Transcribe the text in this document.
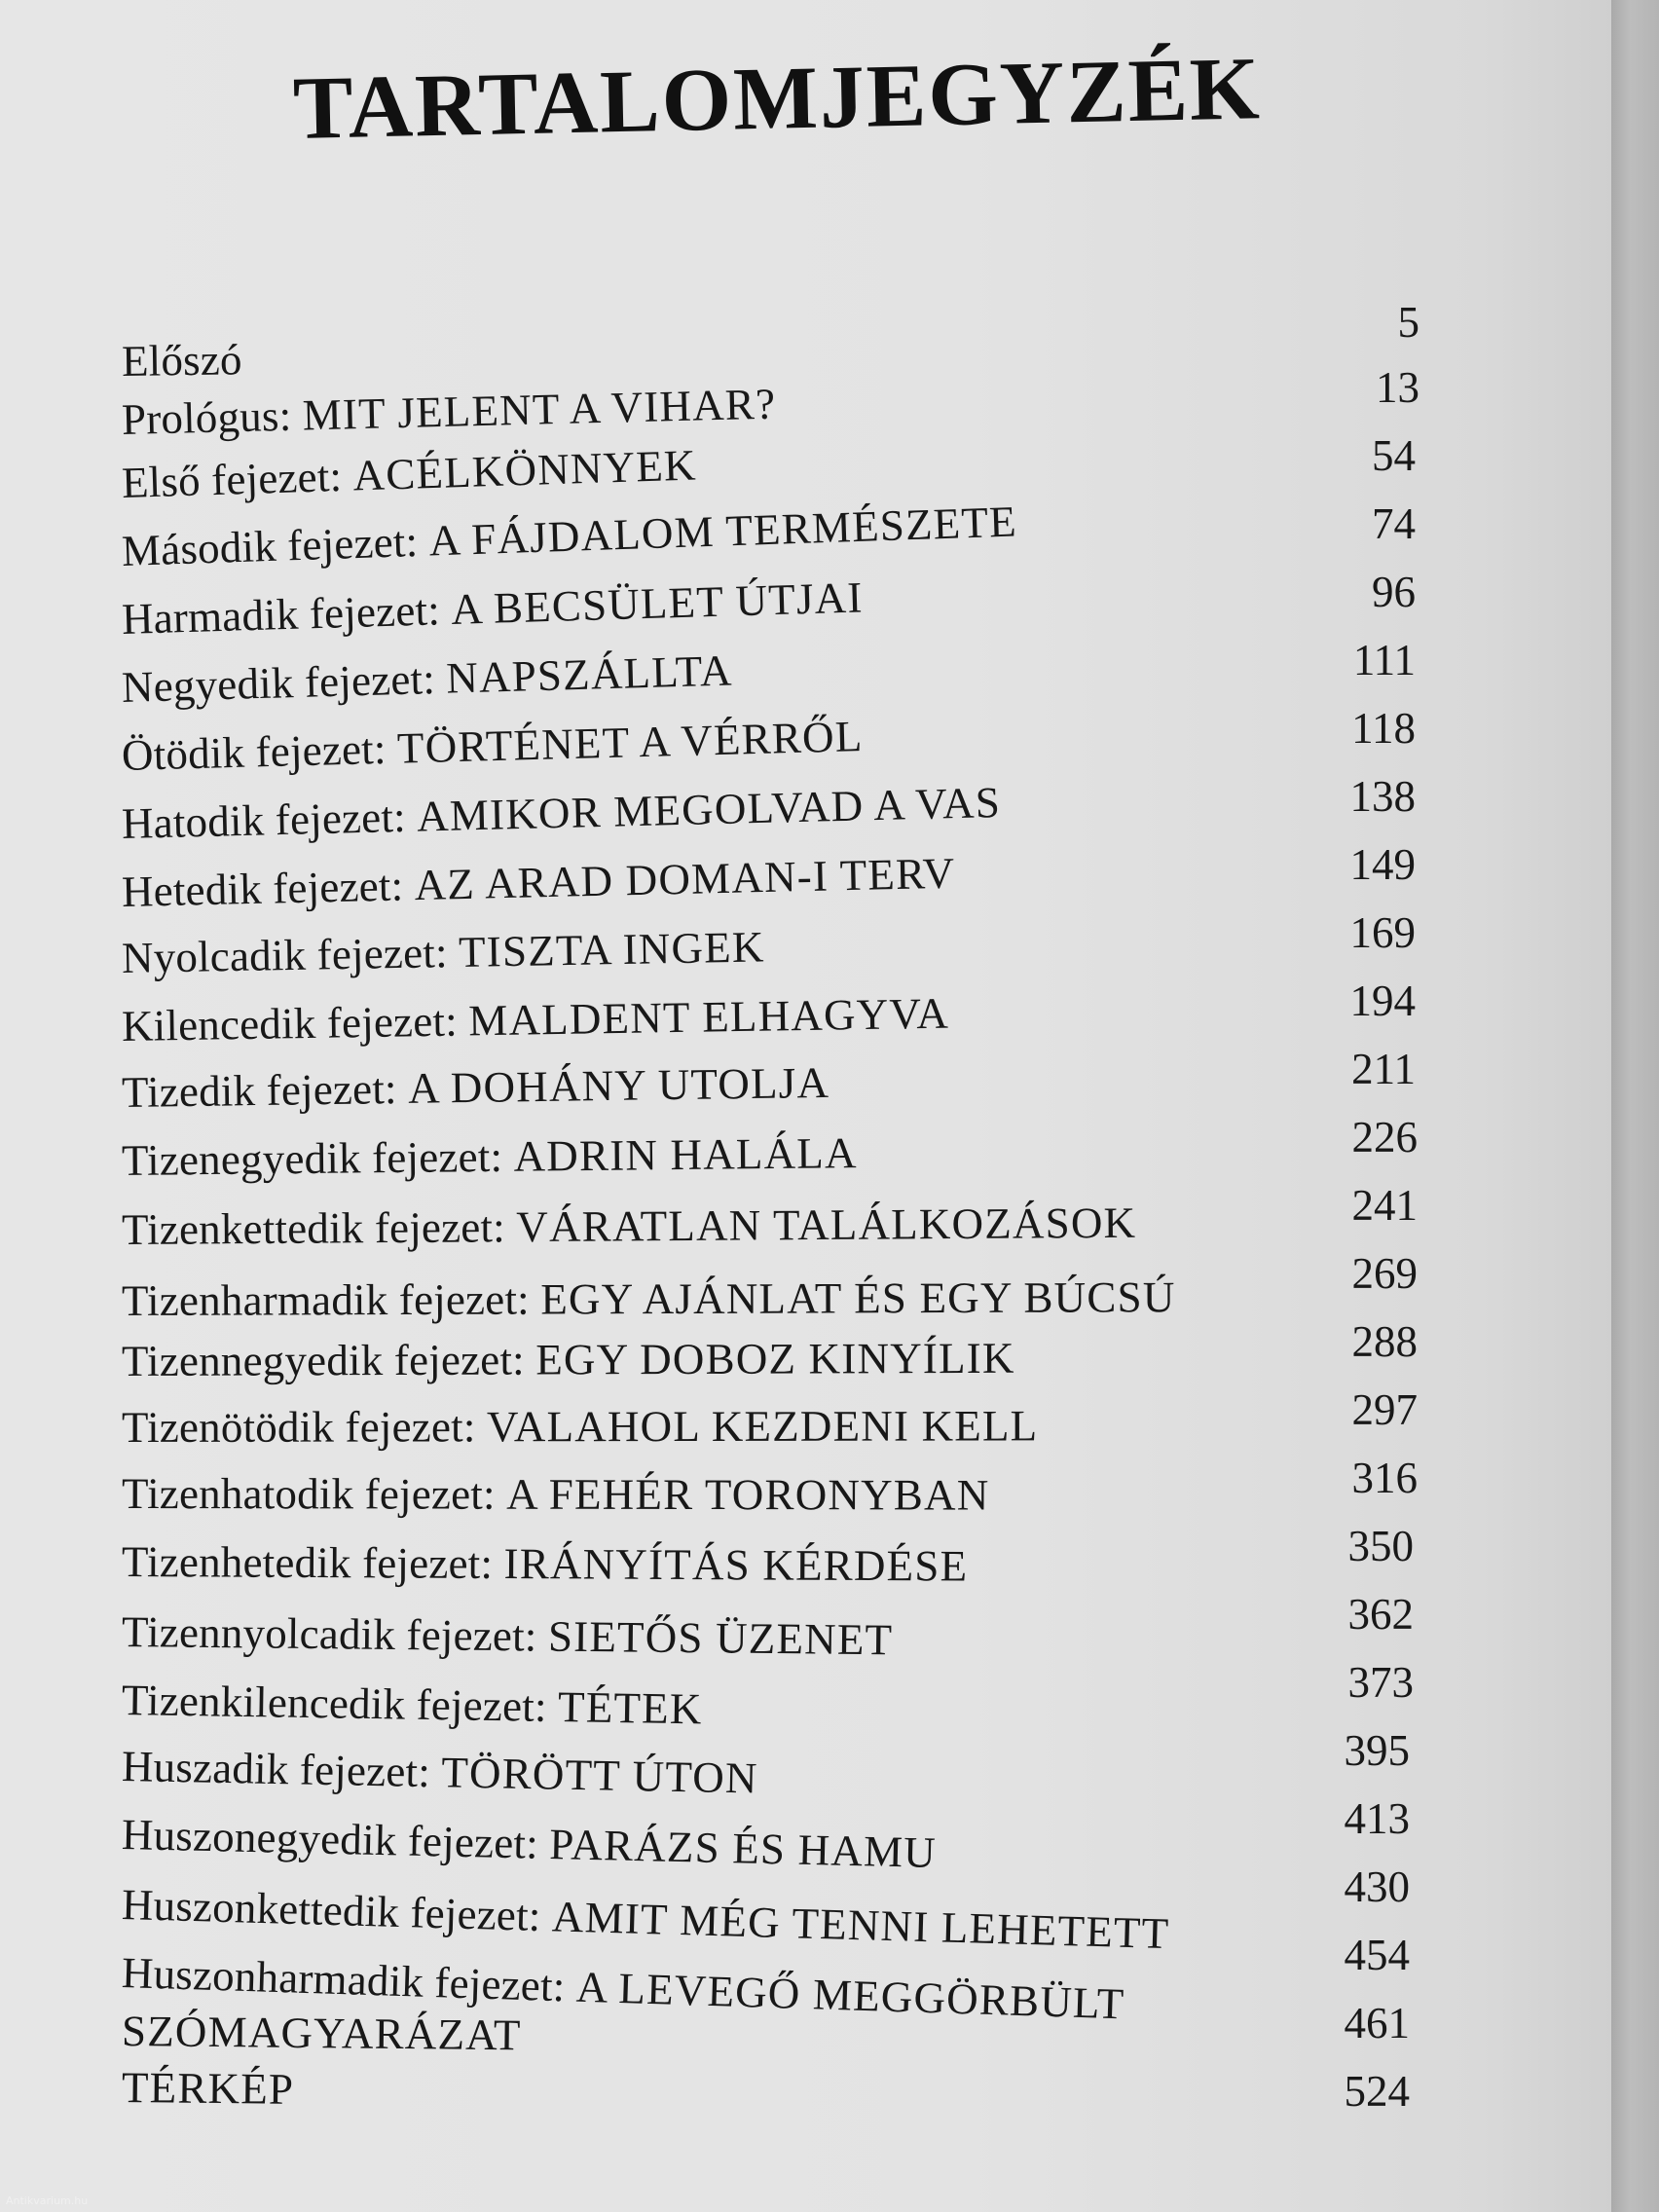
TARTALOMJEGYZÉK
Előszó
Prológus: MIT JELENT A VIHAR?
Első fejezet: ACÉLKÖNNYEK
Második fejezet: A FÁJDALOM TERMÉSZETE
Harmadik fejezet: A BECSÜLET ÚTJAI
Negyedik fejezet: NAPSZÁLLTA
Ötödik fejezet: TÖRTÉNET A VÉRRŐL
Hatodik fejezet: AMIKOR MEGOLVAD A VAS
Hetedik fejezet: AZ ARAD DOMAN-I TERV
Nyolcadik fejezet: TISZTA INGEK
Kilencedik fejezet: MALDENT ELHAGYVA
Tizedik fejezet: A DOHÁNY UTOLJA
Tizenegyedik fejezet: ADRIN HALÁLA
Tizenkettedik fejezet: VÁRATLAN TALÁLKOZÁSOK
Tizenharmadik fejezet: EGY AJÁNLAT ÉS EGY BÚCSÚ
Tizennegyedik fejezet: EGY DOBOZ KINYÍLIK
Tizenötödik fejezet: VALAHOL KEZDENI KELL
Tizenhatodik fejezet: A FEHÉR TORONYBAN
Tizenhetedik fejezet: IRÁNYÍTÁS KÉRDÉSE
Tizennyolcadik fejezet: SIETŐS ÜZENET
Tizenkilencedik fejezet: TÉTEK
Huszadik fejezet: TÖRÖTT ÚTON
Huszonegyedik fejezet: PARÁZS ÉS HAMU
Huszonkettedik fejezet: AMIT MÉG TENNI LEHETETT
Huszonharmadik fejezet: A LEVEGŐ MEGGÖRBÜLT
SZÓMAGYARÁZAT
TÉRKÉP
5
13
54
74
96
111
118
138
149
169
194
211
226
241
269
288
297
316
350
362
373
395
413
430
454
461
524
Antikvarium.hu
